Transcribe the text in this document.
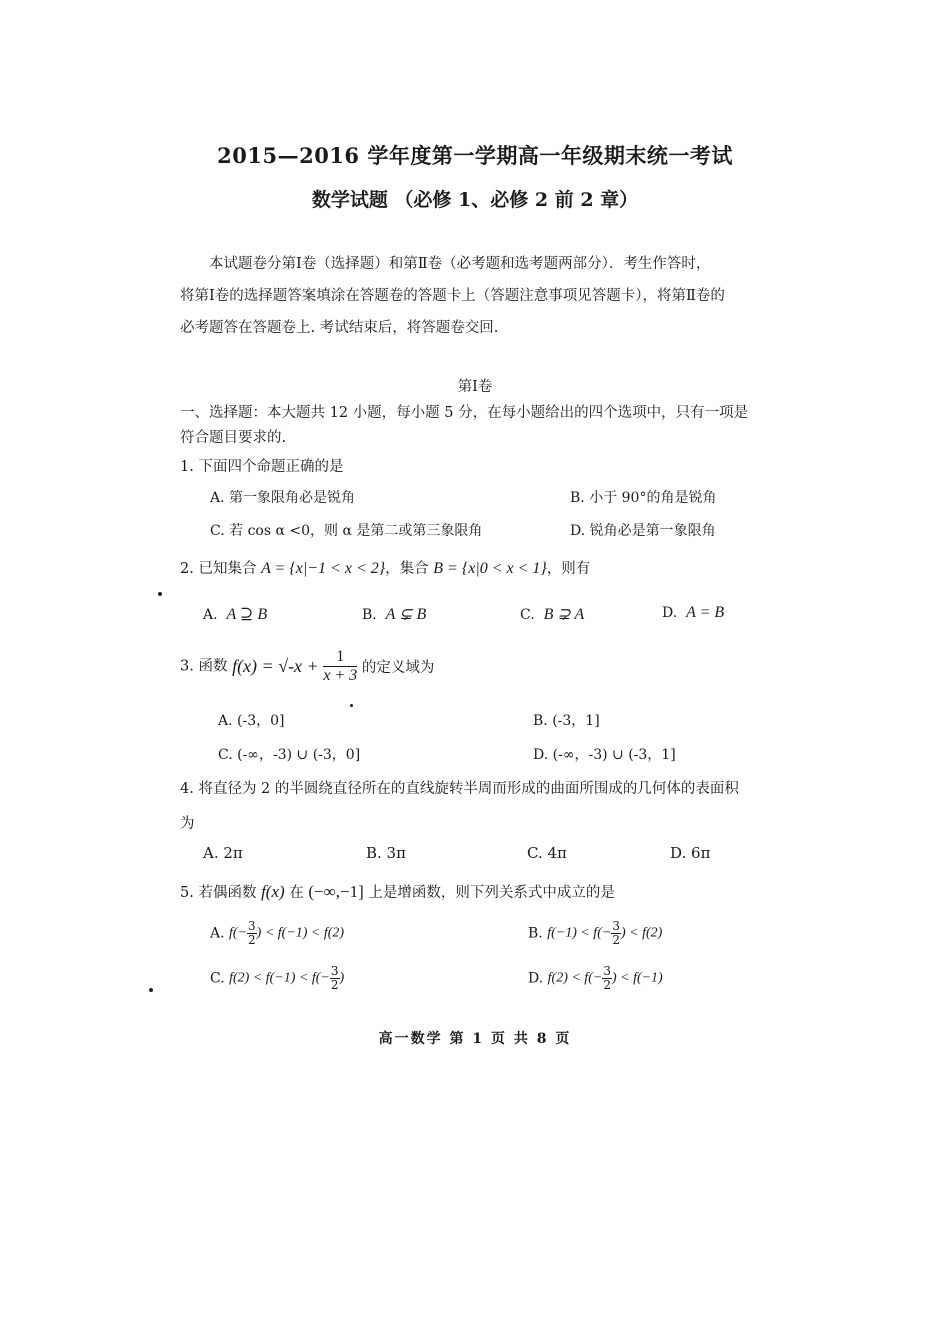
2015—2016 学年度第一学期高一年级期末统一考试
数学试题 （必修 1、必修 2 前 2 章）
本试题卷分第Ⅰ卷（选择题）和第Ⅱ卷（必考题和选考题两部分）．考生作答时，
将第Ⅰ卷的选择题答案填涂在答题卷的答题卡上（答题注意事项见答题卡），将第Ⅱ卷的
必考题答在答题卷上. 考试结束后，将答题卷交回.
第Ⅰ卷
一、选择题：本大题共 12 小题，每小题 5 分，在每小题给出的四个选项中，只有一项是
符合题目要求的.
1. 下面四个命题正确的是
A. 第一象限角必是锐角	B. 小于 90°的角是锐角
C. 若 cos α <0，则 α 是第二或第三象限角	D. 锐角必是第一象限角
2. 已知集合 A = {x|−1 < x < 2}，集合 B = {x|0 < x < 1}，则有
A. A ⊇ B	B. A ⊊ B	C. B ⊋ A	D. A = B
3. 函数 $f(x) = √-x + \frac{1}{x + 3}$ 的定义域为
A. (-3，0]	B. (-3，1]
C. (-∞，-3) ∪ (-3，0]	D. (-∞，-3) ∪ (-3，1]
4. 将直径为 2 的半圆绕直径所在的直线旋转半周而形成的曲面所围成的几何体的表面积
为
A. 2π	B. 3π	C. 4π	D. 6π
5. 若偶函数 f(x) 在 (−∞,−1] 上是增函数，则下列关系式中成立的是
A. $f(- \frac{3}{2}$ ) < f(−1) < f(2)	B. $f(-1) < f(- \frac{3}{2}$ ) < f(2)
C. $f(2) < f(-1) < f(- \frac{3}{2}$ )	D. $f(2) < f(- \frac{3}{2}$ ) < f(−1)
高一数学 第 1 页 共 8 页
